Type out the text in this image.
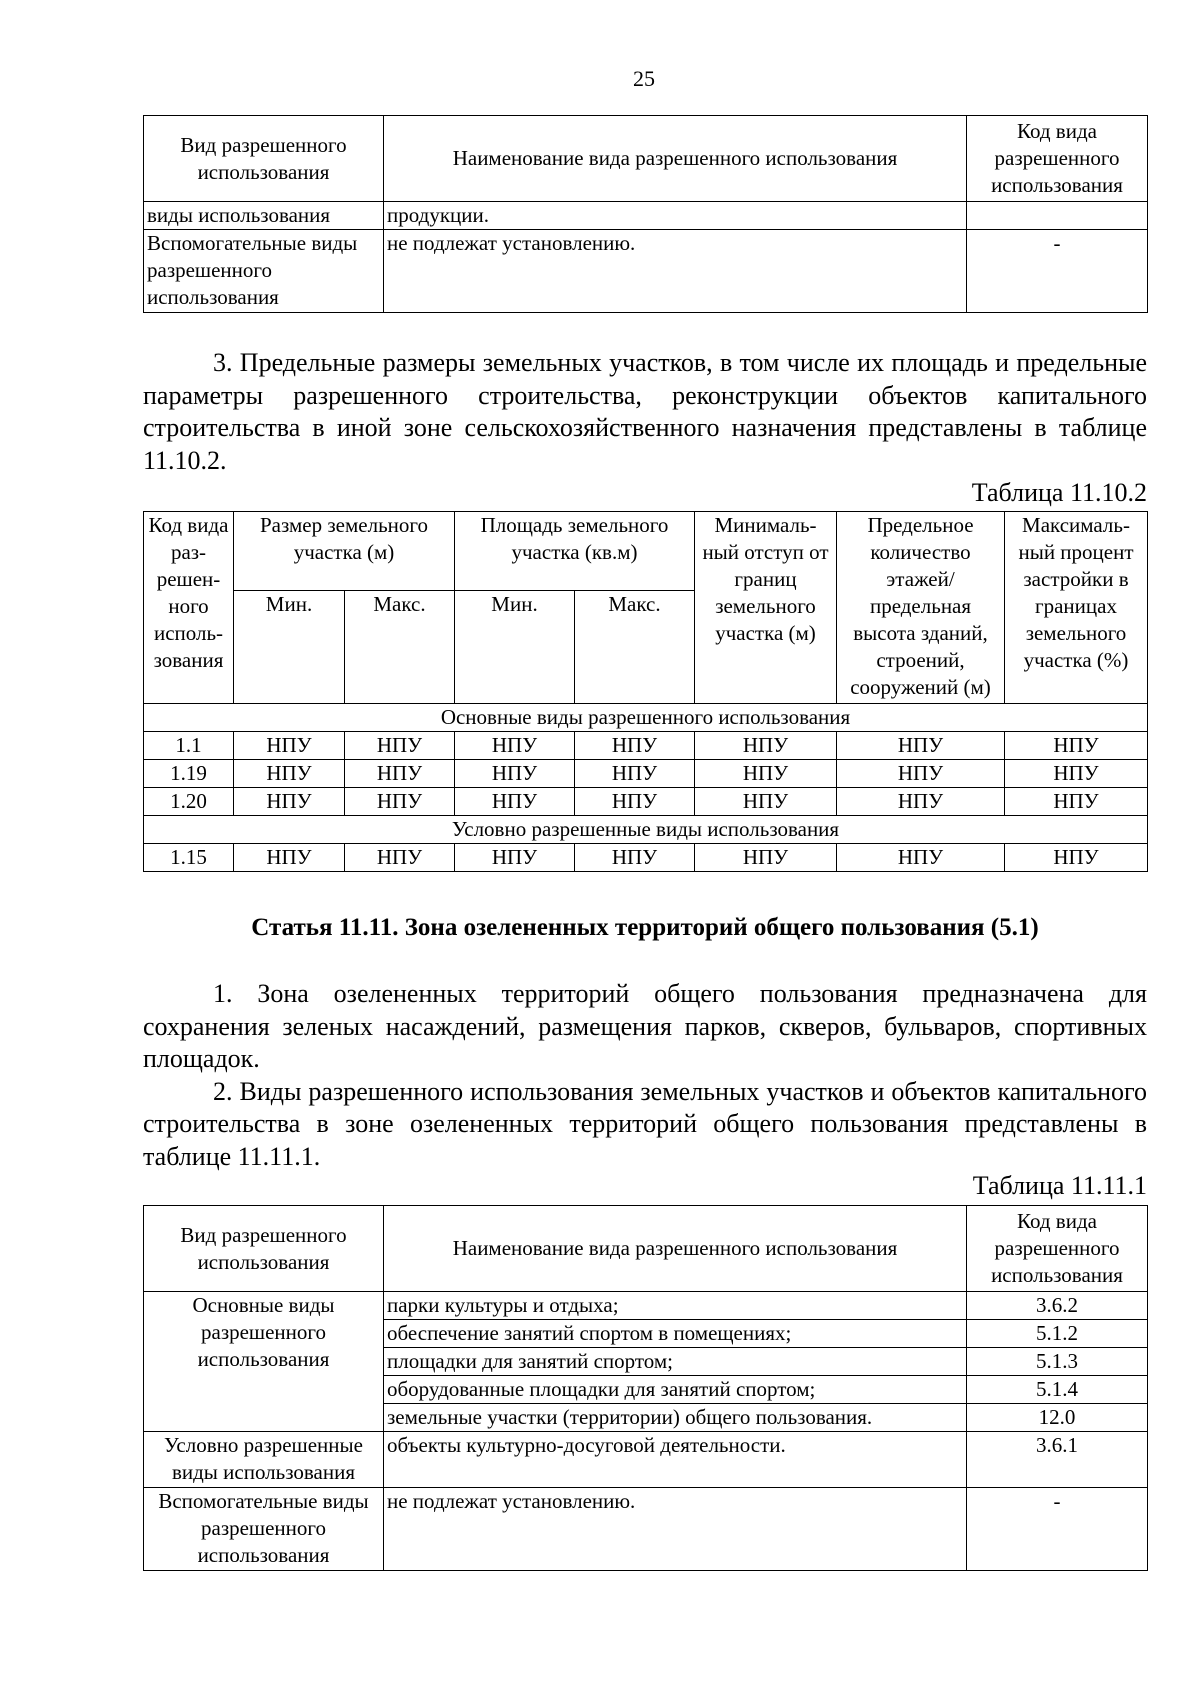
25
Вид разрешенного использования	Наименование вида разрешенного использования	Код вида разрешенного использования
виды использования	продукции.	
Вспомогательные виды разрешенного использования	не подлежат установлению.	-

3. Предельные размеры земельных участков, в том числе их площадь и предельные параметры разрешенного строительства, реконструкции объектов капитального строительства в иной зоне сельскохозяйственного назначения представлены в таблице 11.10.2.

Таблица 11.10.2
Код вида раз-решен-ного исполь-зования	Размер земельного участка (м)		Площадь земельного участка (кв.м)		Минималь-ный отступ от границ земельного участка (м)	Предельное количество этажей/ предельная высота зданий, строений, сооружений (м)	Максималь-ный процент застройки в границах земельного участка (%)
	Мин.	Макс.	Мин.	Макс.			
Основные виды разрешенного использования							
1.1	НПУ	НПУ	НПУ	НПУ	НПУ	НПУ	НПУ
1.19	НПУ	НПУ	НПУ	НПУ	НПУ	НПУ	НПУ
1.20	НПУ	НПУ	НПУ	НПУ	НПУ	НПУ	НПУ
Условно разрешенные виды использования							
1.15	НПУ	НПУ	НПУ	НПУ	НПУ	НПУ	НПУ
Статья 11.11. Зона озелененных территорий общего пользования (5.1)

1. Зона озелененных территорий общего пользования предназначена для сохранения зеленых насаждений, размещения парков, скверов, бульваров, спортивных площадок.

2. Виды разрешенного использования земельных участков и объектов капитального строительства в зоне озелененных территорий общего пользования представлены в таблице 11.11.1.

Таблица 11.11.1
Вид разрешенного использования	Наименование вида разрешенного использования	Код вида разрешенного использования
Основные виды разрешенного использования	парки культуры и отдыха;	3.6.2
	обеспечение занятий спортом в помещениях;	5.1.2
	площадки для занятий спортом;	5.1.3
	оборудованные площадки для занятий спортом;	5.1.4
	земельные участки (территории) общего пользования.	12.0
Условно разрешенные виды использования	объекты культурно-досуговой деятельности.	3.6.1
Вспомогательные виды разрешенного использования	не подлежат установлению.	-
